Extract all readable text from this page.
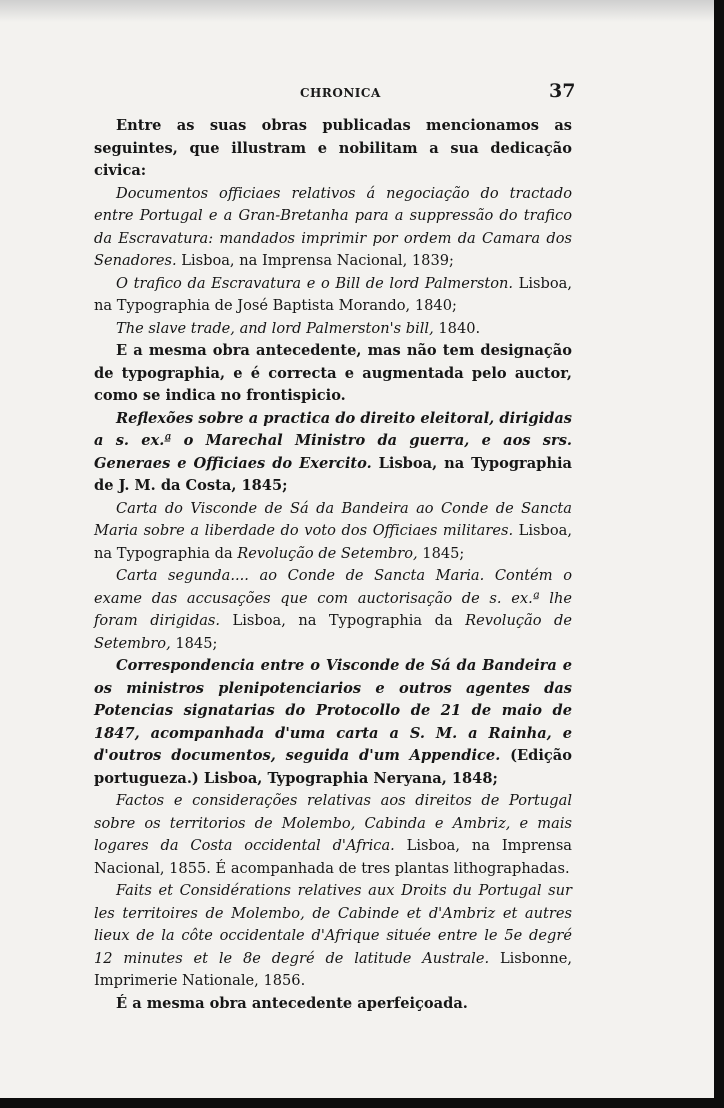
CHRONICA	37

Entre as suas obras publicadas mencionamos as seguintes, que illustram e nobilitam a sua dedicação civica:

Documentos officiaes relativos á negociação do tractado entre Portugal e a Gran-Bretanha para a suppressão do trafico da Escravatura: mandados imprimir por ordem da Camara dos Senadores. Lisboa, na Imprensa Nacional, 1839;

O trafico da Escravatura e o Bill de lord Palmerston. Lisboa, na Typographia de José Baptista Morando, 1840;

The slave trade, and lord Palmerston's bill, 1840.

E a mesma obra antecedente, mas não tem designação de typographia, e é correcta e augmentada pelo auctor, como se indica no frontispicio.

Reflexões sobre a practica do direito eleitoral, dirigidas a s. ex.ª o Marechal Ministro da guerra, e aos srs. Generaes e Officiaes do Exercito. Lisboa, na Typographia de J. M. da Costa, 1845;

Carta do Visconde de Sá da Bandeira ao Conde de Sancta Maria sobre a liberdade do voto dos Officiaes militares. Lisboa, na Typographia da Revolução de Setembro, 1845;

Carta segunda.... ao Conde de Sancta Maria. Contém o exame das accusações que com auctorisação de s. ex.ª lhe foram dirigidas. Lisboa, na Typographia da Revolução de Setembro, 1845;

Correspondencia entre o Visconde de Sá da Bandeira e os ministros plenipotenciarios e outros agentes das Potencias signatarias do Protocollo de 21 de maio de 1847, acompanhada d'uma carta a S. M. a Rainha, e d'outros documentos, seguida d'um Appendice. (Edição portugueza.) Lisboa, Typographia Neryana, 1848;

Factos e considerações relativas aos direitos de Portugal sobre os territorios de Molembo, Cabinda e Ambriz, e mais logares da Costa occidental d'Africa. Lisboa, na Imprensa Nacional, 1855. É acompanhada de tres plantas lithographadas.

Faits et Considérations relatives aux Droits du Portugal sur les territoires de Molembo, de Cabinde et d'Ambriz et autres lieux de la côte occidentale d'Afrique située entre le 5e degré 12 minutes et le 8e degré de latitude Australe. Lisbonne, Imprimerie Nationale, 1856.

É a mesma obra antecedente aperfeiçoada.
